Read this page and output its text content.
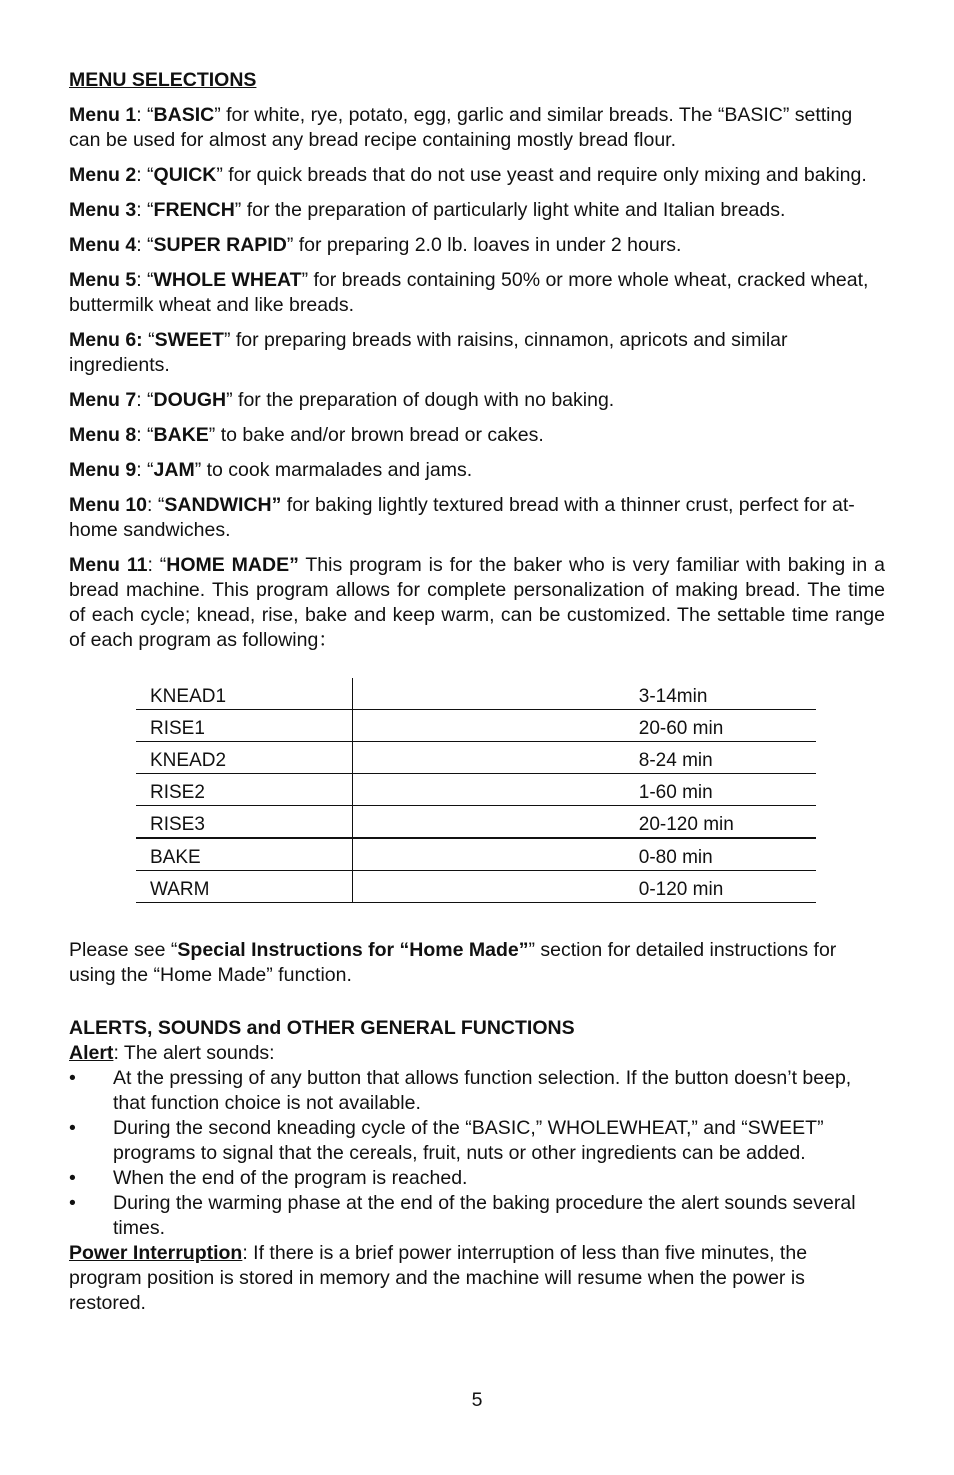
MENU SELECTIONS

Menu 1: “BASIC” for white, rye, potato, egg, garlic and similar breads. The “BASIC” setting can be used for almost any bread recipe containing mostly bread flour.

Menu 2: “QUICK” for quick breads that do not use yeast and require only mixing and baking.

Menu 3: “FRENCH” for the preparation of particularly light white and Italian breads.

Menu 4: “SUPER RAPID” for preparing 2.0 lb. loaves in under 2 hours.

Menu 5: “WHOLE WHEAT” for breads containing 50% or more whole wheat, cracked wheat, buttermilk wheat and like breads.

Menu 6: “SWEET” for preparing breads with raisins, cinnamon, apricots and similar ingredients.

Menu 7: “DOUGH” for the preparation of dough with no baking.

Menu 8: “BAKE” to bake and/or brown bread or cakes.

Menu 9: “JAM” to cook marmalades and jams.

Menu 10: “SANDWICH” for baking lightly textured bread with a thinner crust, perfect for at-home sandwiches.

Menu 11: “HOME MADE” This program is for the baker who is very familiar with baking in a bread machine. This program allows for complete personalization of making bread. The time of each cycle; knead, rise, bake and keep warm, can be customized. The settable time range of each program as following：

KNEAD1		3-14min
RISE1		20-60 min
KNEAD2		8-24 min
RISE2		1-60 min
RISE3		20-120 min
BAKE		0-80 min
WARM		0-120 min

Please see “Special Instructions for “Home Made”” section for detailed instructions for using the “Home Made” function.

ALERTS, SOUNDS and OTHER GENERAL FUNCTIONS
Alert: The alert sounds:
• At the pressing of any button that allows function selection. If the button doesn’t beep, that function choice is not available.
• During the second kneading cycle of the “BASIC,” WHOLEWHEAT,” and “SWEET” programs to signal that the cereals, fruit, nuts or other ingredients can be added.
• When the end of the program is reached.
• During the warming phase at the end of the baking procedure the alert sounds several times.
Power Interruption: If there is a brief power interruption of less than five minutes, the program position is stored in memory and the machine will resume when the power is restored.
5
